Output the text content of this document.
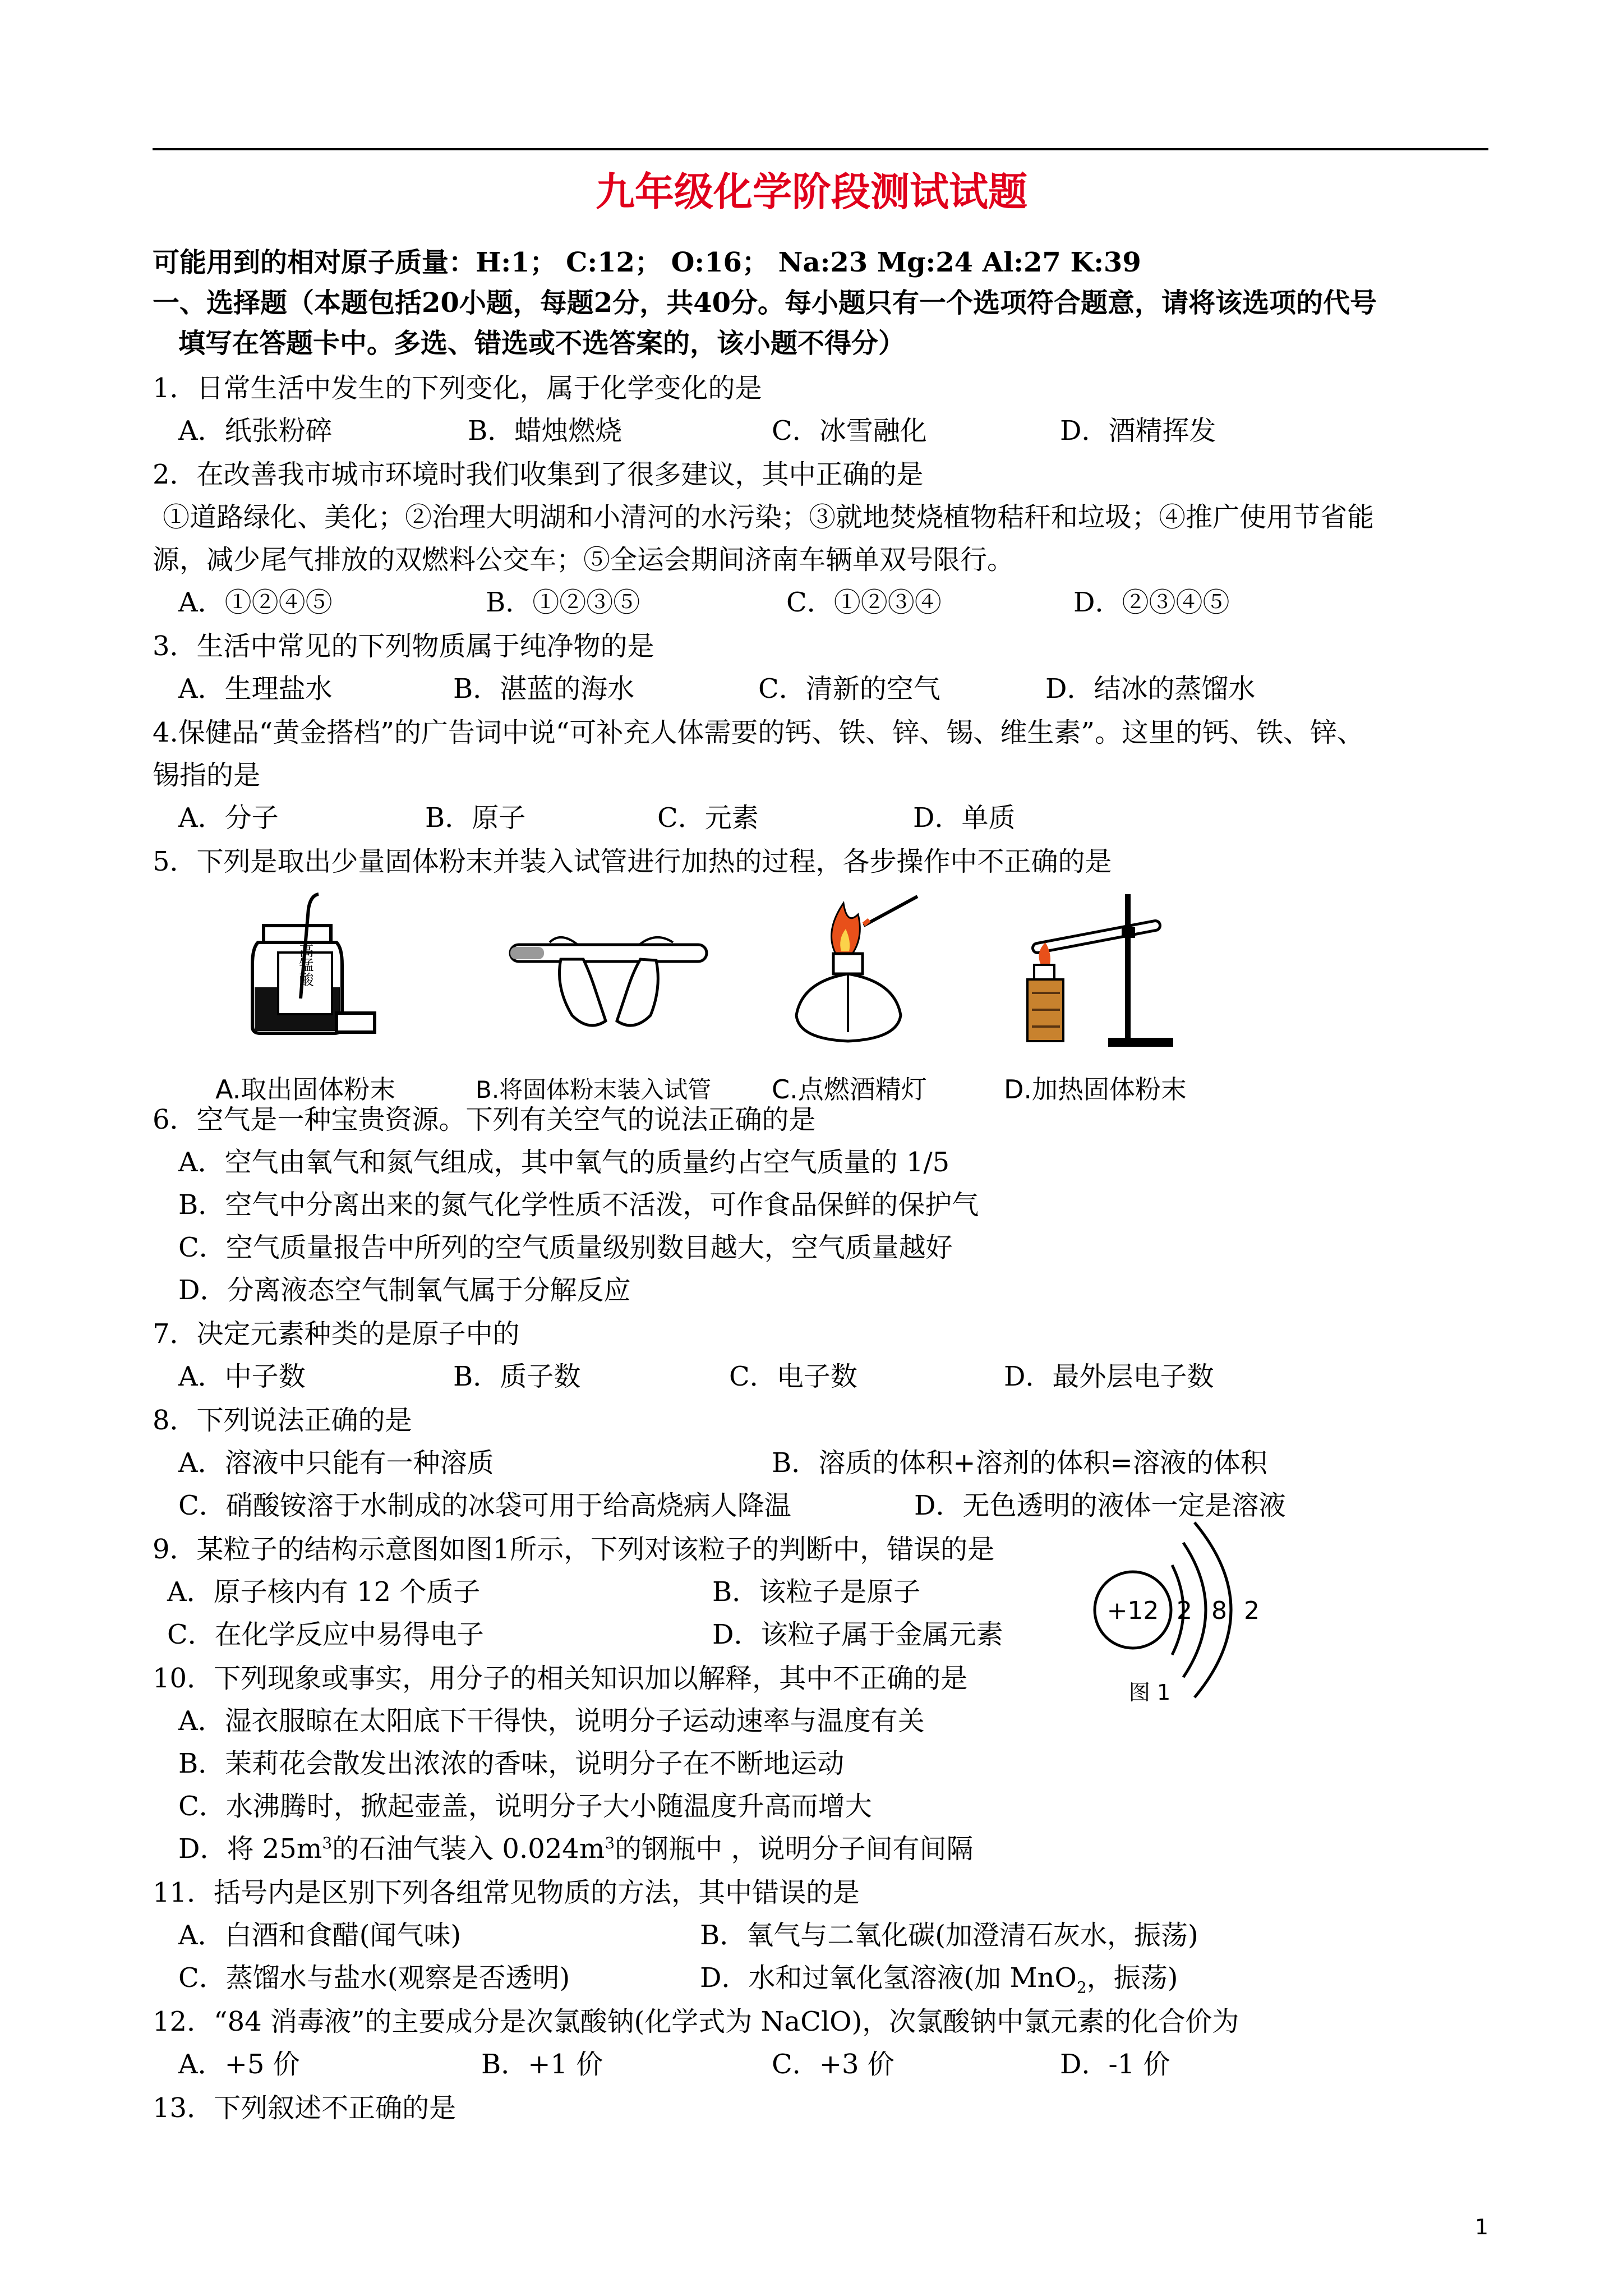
九年级化学阶段测试试题
可能用到的相对原子质量：H:1； C:12； O:16； Na:23 Mg:24 Al:27 K:39
一、选择题（本题包括20小题，每题2分，共40分。每小题只有一个选项符合题意，请将该选项的代号
填写在答题卡中。多选、错选或不选答案的，该小题不得分）
1．日常生活中发生的下列变化，属于化学变化的是
A．纸张粉碎	B．蜡烛燃烧	C．冰雪融化	D．酒精挥发
2．在改善我市城市环境时我们收集到了很多建议，其中正确的是
①道路绿化、美化；②治理大明湖和小清河的水污染；③就地焚烧植物秸秆和垃圾；④推广使用节省能
源，减少尾气排放的双燃料公交车；⑤全运会期间济南车辆单双号限行。
A．①②④⑤	B．①②③⑤	C．①②③④	D．②③④⑤
3．生活中常见的下列物质属于纯净物的是
A．生理盐水	B．湛蓝的海水	C．清新的空气	D．结冰的蒸馏水
4.保健品“黄金搭档”的广告词中说“可补充人体需要的钙、铁、锌、锡、维生素”。这里的钙、铁、锌、
锡指的是
A．分子	B．原子	C．元素	D．单质
5．下列是取出少量固体粉末并装入试管进行加热的过程，各步操作中不正确的是
高锰酸
A.取出固体粉末	B.将固体粉末装入试管 C.点燃酒精灯	D.加热固体粉末
6．空气是一种宝贵资源。下列有关空气的说法正确的是
A．空气由氧气和氮气组成，其中氧气的质量约占空气质量的 1/5
B．空气中分离出来的氮气化学性质不活泼，可作食品保鲜的保护气
C．空气质量报告中所列的空气质量级别数目越大，空气质量越好
D．分离液态空气制氧气属于分解反应
7．决定元素种类的是原子中的
A．中子数	B．质子数	C．电子数	D．最外层电子数
8．下列说法正确的是
A．溶液中只能有一种溶质	B．溶质的体积+溶剂的体积=溶液的体积
C．硝酸铵溶于水制成的冰袋可用于给高烧病人降温	D．无色透明的液体一定是溶液
9．某粒子的结构示意图如图1所示，下列对该粒子的判断中，错误的是
A．原子核内有 12 个质子	B．该粒子是原子
C．在化学反应中易得电子	D．该粒子属于金属元素
+12 2 8 2
图 1
10．下列现象或事实，用分子的相关知识加以解释，其中不正确的是
A．湿衣服晾在太阳底下干得快，说明分子运动速率与温度有关
B．茉莉花会散发出浓浓的香味，说明分子在不断地运动
C．水沸腾时，掀起壶盖，说明分子大小随温度升高而增大
D．将 $25m^3$的石油气装入 $0.024m^3$的钢瓶中 ，说明分子间有间隔
11．括号内是区别下列各组常见物质的方法，其中错误的是
A．白酒和食醋(闻气味)	B．氧气与二氧化碳(加澄清石灰水，振荡)
C．蒸馏水与盐水(观察是否透明)	D．水和过氧化氢溶液(加 MnO$_2$，振荡)
12．“84 消毒液”的主要成分是次氯酸钠(化学式为 NaClO)，次氯酸钠中氯元素的化合价为
A．+5 价	B．+1 价	C．+3 价	D．-1 价
13．下列叙述不正确的是
1
